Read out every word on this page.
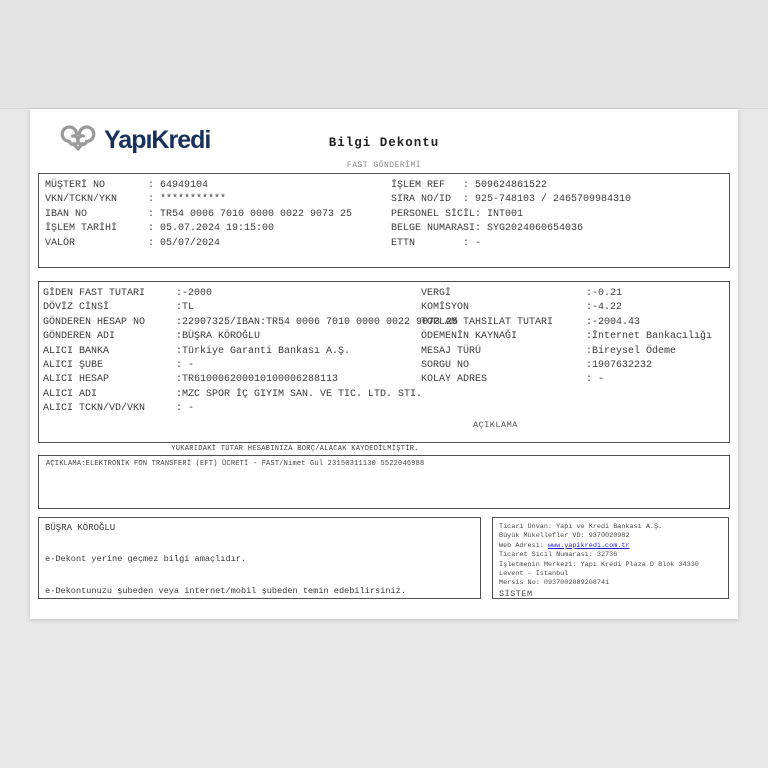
YapıKredi	Bilgi Dekontu
FAST GÖNDERİMİ
MÜŞTERİ NO	: 64949104
VKN/TCKN/YKN	: ***********
IBAN NO	: TR54 0006 7010 0000 0022 9073 25
İŞLEM TARİHİ	: 05.07.2024 19:15:00
VALÖR	: 05/07/2024
İŞLEM REF	: 509624861522
SIRA NO/ID	: 925-748103 / 2465709984310
PERSONEL SİCİL : INT001
BELGE NUMARASI : SYG2024060654036
ETTN	: -
GİDEN FAST TUTARI	:-2000
DÖVİZ CİNSİ	:TL
GÖNDEREN HESAP NO	:22907325/IBAN:TR54 0006 7010 0000 0022 9073 25
GÖNDEREN ADI	:BÜŞRA KÖROĞLU
ALICI BANKA	:Türkiye Garanti Bankası A.Ş.
ALICI ŞUBE	: -
ALICI HESAP	:TR610006200010100006288113
ALICI ADI	:MZC SPOR İÇ GIYIM SAN. VE TIC. LTD. STI.
ALICI TCKN/VD/VKN	: -
VERGİ	:-0.21
KOMİSYON	:-4.22
TOPLAM TAHSILAT TUTARI	:-2004.43
ÖDEMENİN KAYNAĞI	:İnternet Bankacılığı
MESAJ TÜRÜ	:Bireysel Ödeme
SORGU NO	:1907632232
KOLAY ADRES	: -
AÇIKLAMA
YUKARIDAKİ TUTAR HESABINIZA BORÇ/ALACAK KAYDEDİLMİŞTİR.
AÇIKLAMA:ELEKTRONİK FON TRANSFERİ (EFT) ÜCRETİ - FAST/Nimet Gül 23150311130 5522046988
BÜŞRA KÖROĞLU

e-Dekont yerine geçmez bilgi amaçlıdır.

e-Dekontunuzu şubeden veya internet/mobil şubeden temin edebilirsiniz.

Ticari Ünvan: Yapı ve Kredi Bankası A.Ş.
Büyük Mükellefler VD: 9370020982
Web Adresi: www.yapikredi.com.tr
Ticaret Sicil Numarası: 32736
İşletmenin Merkezi: Yapı Kredi Plaza D Blok 34330
Levent - İstanbul
Mersis No: 0937002089208741
SİSTEM
